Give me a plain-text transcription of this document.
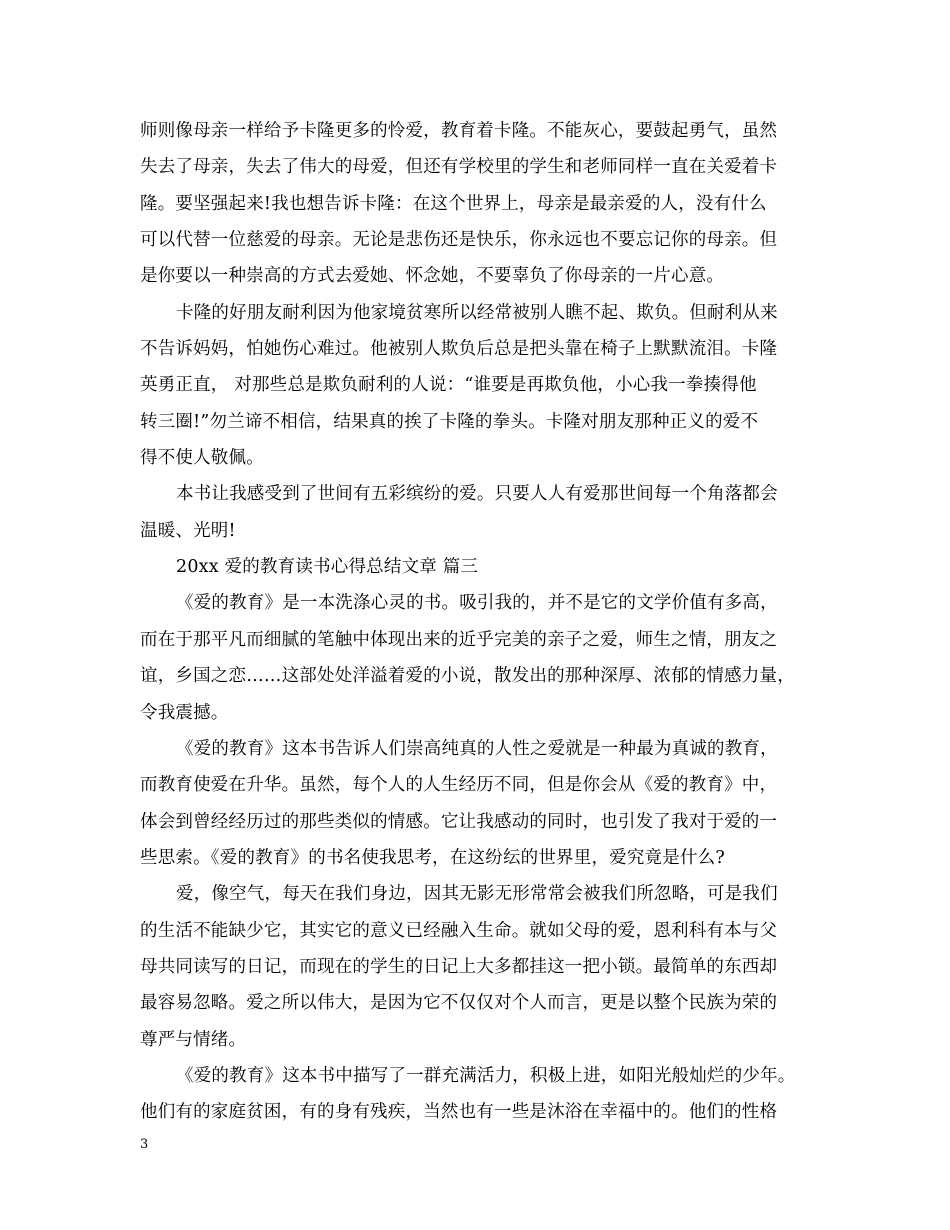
师则像母亲一样给予卡隆更多的怜爱，教育着卡隆。不能灰心，要鼓起勇气，虽然
失去了母亲，失去了伟大的母爱，但还有学校里的学生和老师同样一直在关爱着卡
隆。要坚强起来!我也想告诉卡隆：在这个世界上，母亲是最亲爱的人，没有什么
可以代替一位慈爱的母亲。无论是悲伤还是快乐，你永远也不要忘记你的母亲。但
是你要以一种崇高的方式去爱她、怀念她，不要辜负了你母亲的一片心意。
卡隆的好朋友耐利因为他家境贫寒所以经常被别人瞧不起、欺负。但耐利从来
不告诉妈妈，怕她伤心难过。他被别人欺负后总是把头靠在椅子上默默流泪。卡隆
英勇正直， 对那些总是欺负耐利的人说：“谁要是再欺负他，小心我一拳揍得他
转三圈!”勿兰谛不相信，结果真的挨了卡隆的拳头。卡隆对朋友那种正义的爱不
得不使人敬佩。
本书让我感受到了世间有五彩缤纷的爱。只要人人有爱那世间每一个角落都会
温暖、光明!
20xx 爱的教育读书心得总结文章 篇三
《爱的教育》是一本洗涤心灵的书。吸引我的，并不是它的文学价值有多高，
而在于那平凡而细腻的笔触中体现出来的近乎完美的亲子之爱，师生之情，朋友之
谊，乡国之恋……这部处处洋溢着爱的小说，散发出的那种深厚、浓郁的情感力量，
令我震撼。
《爱的教育》这本书告诉人们崇高纯真的人性之爱就是一种最为真诚的教育，
而教育使爱在升华。虽然，每个人的人生经历不同，但是你会从《爱的教育》中，
体会到曾经经历过的那些类似的情感。它让我感动的同时，也引发了我对于爱的一
些思索。《爱的教育》的书名使我思考，在这纷纭的世界里，爱究竟是什么?
爱，像空气，每天在我们身边，因其无影无形常常会被我们所忽略，可是我们
的生活不能缺少它，其实它的意义已经融入生命。就如父母的爱，恩利科有本与父
母共同读写的日记，而现在的学生的日记上大多都挂这一把小锁。最简单的东西却
最容易忽略。爱之所以伟大，是因为它不仅仅对个人而言，更是以整个民族为荣的
尊严与情绪。
《爱的教育》这本书中描写了一群充满活力，积极上进，如阳光般灿烂的少年。
他们有的家庭贫困，有的身有残疾，当然也有一些是沐浴在幸福中的。他们的性格
3
